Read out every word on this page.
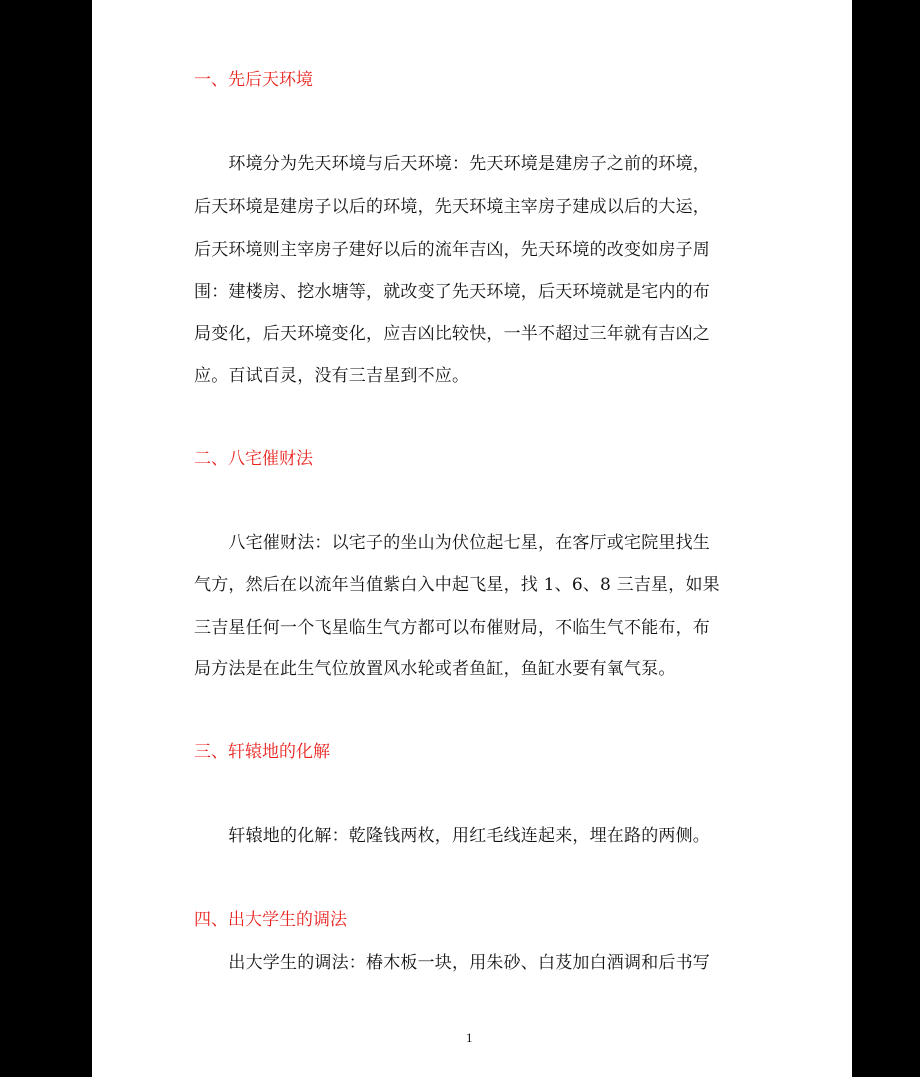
一、先后天环境
　　环境分为先天环境与后天环境：先天环境是建房子之前的环境，
后天环境是建房子以后的环境，先天环境主宰房子建成以后的大运，
后天环境则主宰房子建好以后的流年吉凶，先天环境的改变如房子周
围：建楼房、挖水塘等，就改变了先天环境，后天环境就是宅内的布
局变化，后天环境变化，应吉凶比较快，一半不超过三年就有吉凶之
应。百试百灵，没有三吉星到不应。
二、八宅催财法
　　八宅催财法：以宅子的坐山为伏位起七星，在客厅或宅院里找生
气方，然后在以流年当值紫白入中起飞星，找 1、6、8 三吉星，如果
三吉星任何一个飞星临生气方都可以布催财局，不临生气不能布，布
局方法是在此生气位放置风水轮或者鱼缸，鱼缸水要有氧气泵。
三、轩辕地的化解
　　轩辕地的化解：乾隆钱两枚，用红毛线连起来，埋在路的两侧。
四、出大学生的调法
　　出大学生的调法：椿木板一块，用朱砂、白芨加白酒调和后书写
1
